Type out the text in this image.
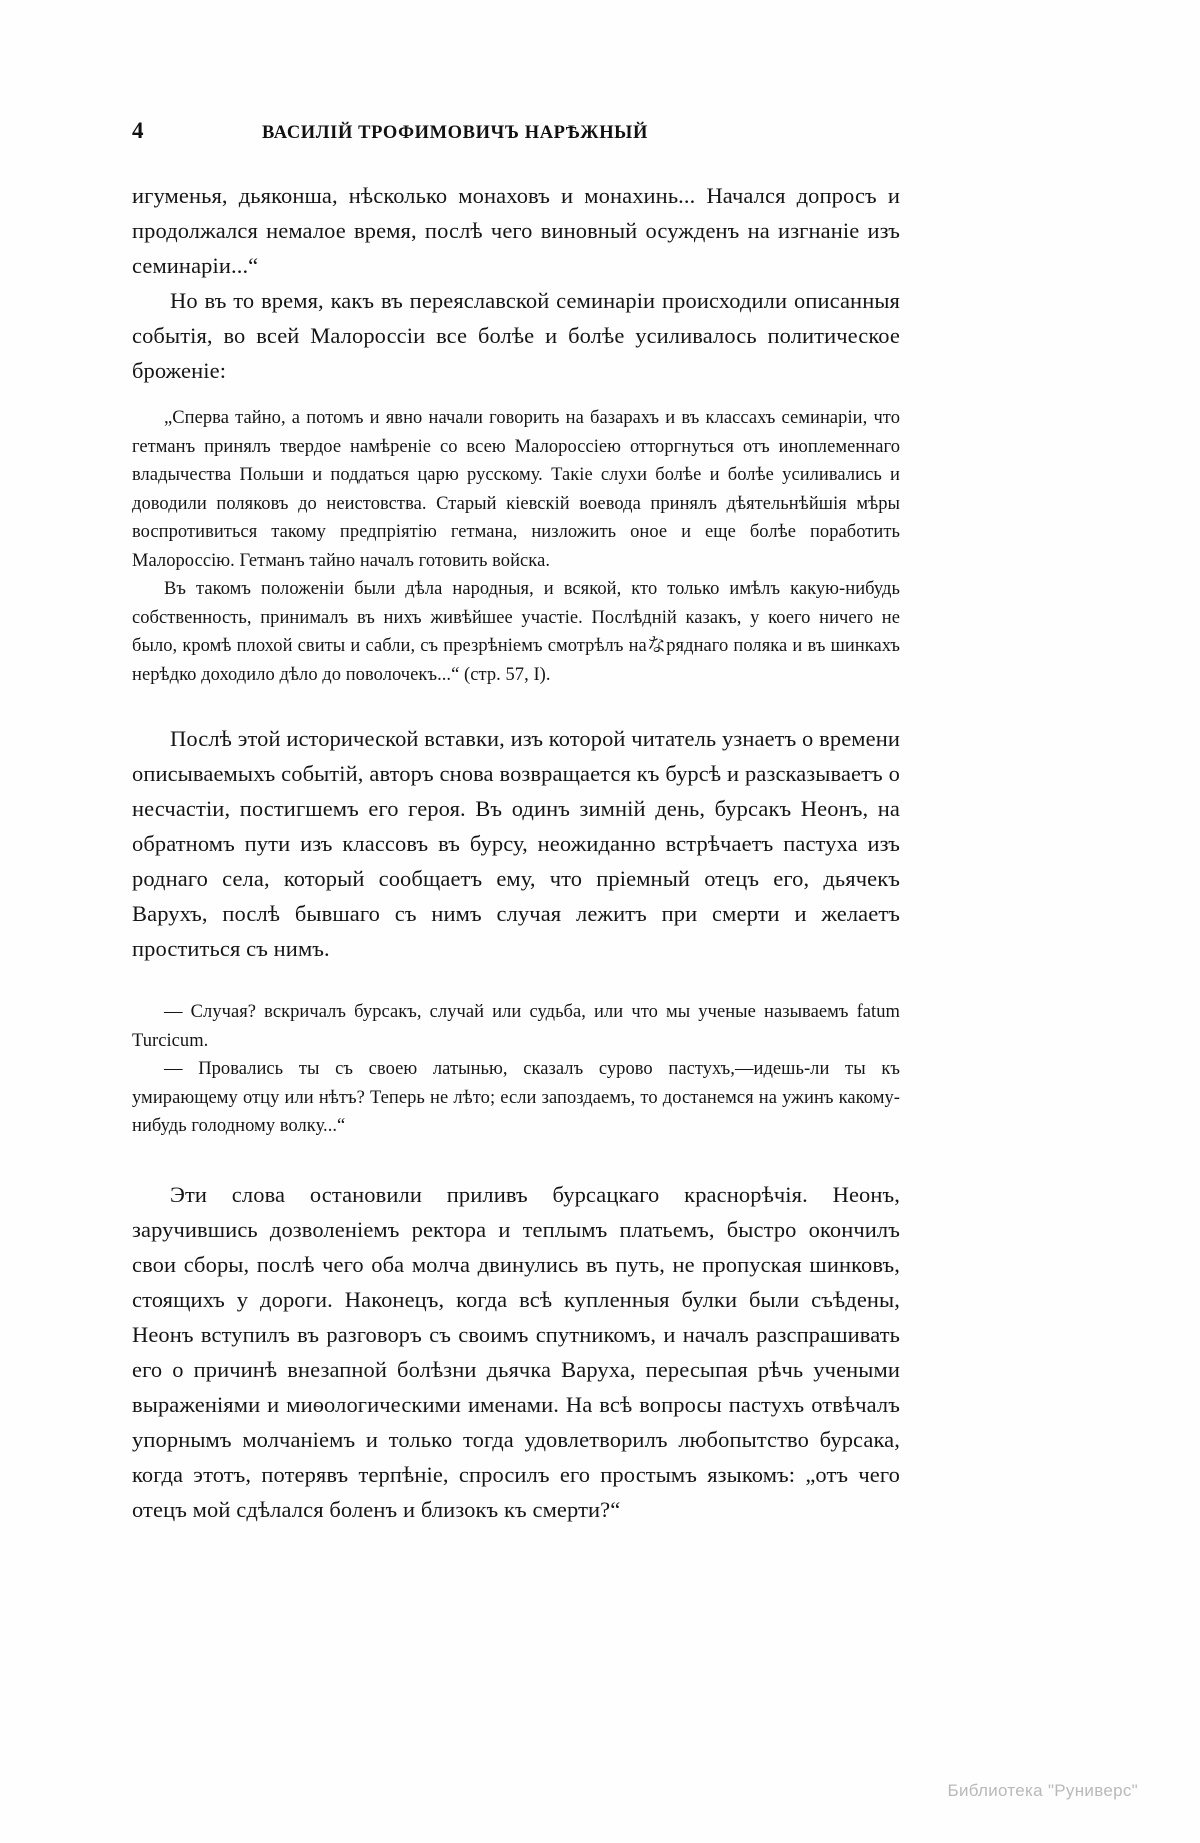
4	ВАСИЛІЙ ТРОФИМОВИЧЪ НАРѢЖНЫЙ

игуменья, дьяконша, нѣсколько монаховъ и монахинь... Начался допросъ и продолжался немалое время, послѣ чего виновный осужденъ на изгнаніе изъ семинаріи...“

Но въ то время, какъ въ переяславской семинаріи происходили описанныя событія, во всей Малороссіи все болѣе и болѣе усиливалось политическое броженіе:

„Сперва тайно, а потомъ и явно начали говорить на базарахъ и въ классахъ семинаріи, что гетманъ принялъ твердое намѣреніе со всею Малороссіею отторгнуться отъ иноплеменнаго владычества Польши и поддаться царю русскому. Такіе слухи болѣе и болѣе усиливались и доводили поляковъ до неистовства. Старый кіевскій воевода принялъ дѣятельнѣйшія мѣры воспротивиться такому предпріятію гетмана, низложить оное и еще болѣе поработить Малороссію. Гетманъ тайно началъ готовить войска.

Въ такомъ положеніи были дѣла народныя, и всякой, кто только имѣлъ какую-нибудь собственность, принималъ въ нихъ живѣйшее участіе. Послѣдній казакъ, у коего ничего не было, кромѣ плохой свиты и сабли, съ презрѣніемъ смотрѣлъ наなряднаго поляка и въ шинкахъ нерѣдко доходило дѣло до поволочекъ...“ (стр. 57, I).

Послѣ этой исторической вставки, изъ которой читатель узнаетъ о времени описываемыхъ событій, авторъ снова возвращается къ бурсѣ и разсказываетъ о несчастіи, постигшемъ его героя. Въ одинъ зимній день, бурсакъ Неонъ, на обратномъ пути изъ классовъ въ бурсу, неожиданно встрѣчаетъ пастуха изъ роднаго села, который сообщаетъ ему, что пріемный отецъ его, дьячекъ Варухъ, послѣ бывшаго съ нимъ случая лежитъ при смерти и желаетъ проститься съ нимъ.

— Случая? вскричалъ бурсакъ, случай или судьба, или что мы ученые называемъ fatum Turcicum.

— Провались ты съ своею латынью, сказалъ сурово пастухъ,—идешь-ли ты къ умирающему отцу или нѣтъ? Теперь не лѣто; если запоздаемъ, то достанемся на ужинъ какому-нибудь голодному волку...“

Эти слова остановили приливъ бурсацкаго краснорѣчія. Неонъ, заручившись дозволеніемъ ректора и теплымъ платьемъ, быстро окончилъ свои сборы, послѣ чего оба молча двинулись въ путь, не пропуская шинковъ, стоящихъ у дороги. Наконецъ, когда всѣ купленныя булки были съѣдены, Неонъ вступилъ въ разговоръ съ своимъ спутникомъ, и началъ разспрашивать его о причинѣ внезапной болѣзни дьячка Варуха, пересыпая рѣчь учеными выраженіями и миѳологическими именами. На всѣ вопросы пастухъ отвѣчалъ упорнымъ молчаніемъ и только тогда удовлетворилъ любопытство бурсака, когда этотъ, потерявъ терпѣніе, спросилъ его простымъ языкомъ: „отъ чего отецъ мой сдѣлался боленъ и близокъ къ смерти?“

Библиотека "Руниверс"
